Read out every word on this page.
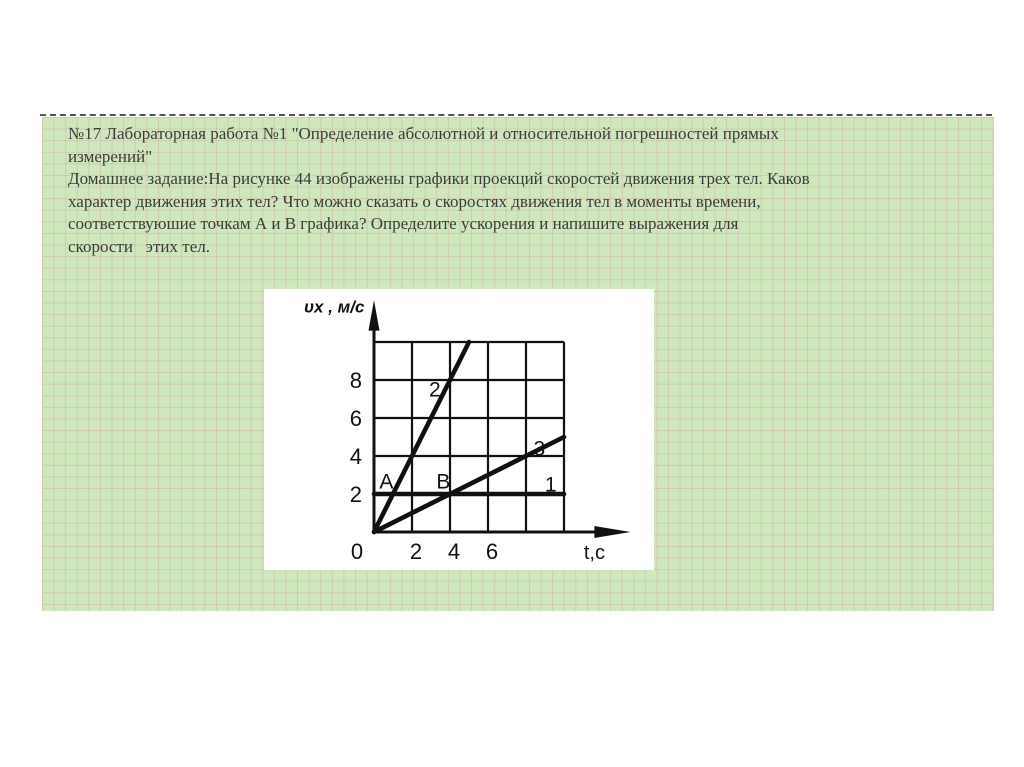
№17 Лабораторная работа №1 "Определение абсолютной и относительной погрешностей прямых
измерений"
Домашнее задание:На рисунке 44 изображены графики проекций скоростей движения трех тел. Каков
характер движения этих тел? Что можно сказать о скоростях движения тел в моменты времени,
соответствуюшие точкам А и В графика? Определите ускорения и напишите выражения для
скорости   этих тел.

1
2
3
A B
2
4
6
8
0 2 4 6	t,c
υx , м/с
